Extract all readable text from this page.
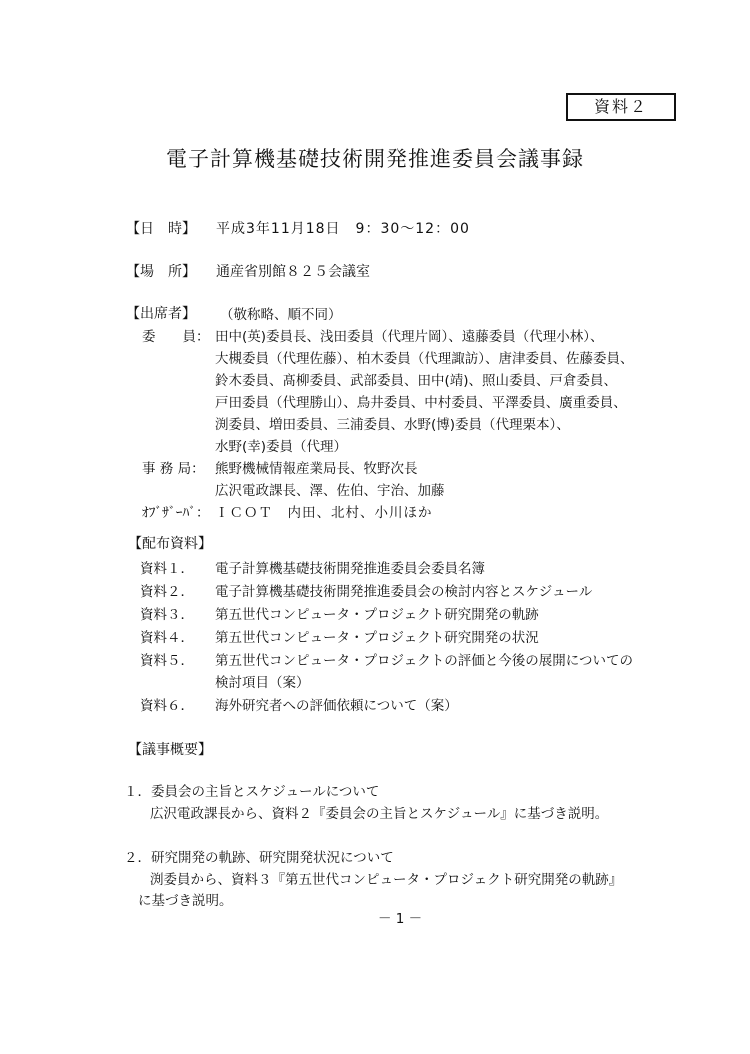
資料２
電子計算機基礎技術開発推進委員会議事録
【日　時】 平成3年11月18日　9：30～12：00
【場　所】 通産省別館８２５会議室
【出席者】 （敬称略、順不同）
委　　員： 田中(英)委員長、浅田委員（代理片岡）、遠藤委員（代理小林）、
大槻委員（代理佐藤）、柏木委員（代理諏訪）、唐津委員、佐藤委員、
鈴木委員、髙柳委員、武部委員、田中(靖)、照山委員、戸倉委員、
戸田委員（代理勝山）、鳥井委員、中村委員、平澤委員、廣重委員、
渕委員、増田委員、三浦委員、水野(博)委員（代理栗本）、
水野(幸)委員（代理）
事 務 局： 熊野機械情報産業局長、牧野次長
広沢電政課長、澤、佐伯、宇治、加藤
ｵﾌﾞｻﾞｰﾊﾞ： ＩＣＯＴ　内田、北村、小川ほか
【配布資料】
資料１． 電子計算機基礎技術開発推進委員会委員名簿
資料２． 電子計算機基礎技術開発推進委員会の検討内容とスケジュール
資料３． 第五世代コンピュータ・プロジェクト研究開発の軌跡
資料４． 第五世代コンピュータ・プロジェクト研究開発の状況
資料５． 第五世代コンピュータ・プロジェクトの評価と今後の展開についての
検討項目（案）
資料６． 海外研究者への評価依頼について（案）
【議事概要】
１．委員会の主旨とスケジュールについて
広沢電政課長から、資料２『委員会の主旨とスケジュール』に基づき説明。
２．研究開発の軌跡、研究開発状況について
渕委員から、資料３『第五世代コンピュータ・プロジェクト研究開発の軌跡』
に基づき説明。
－ 1 －
